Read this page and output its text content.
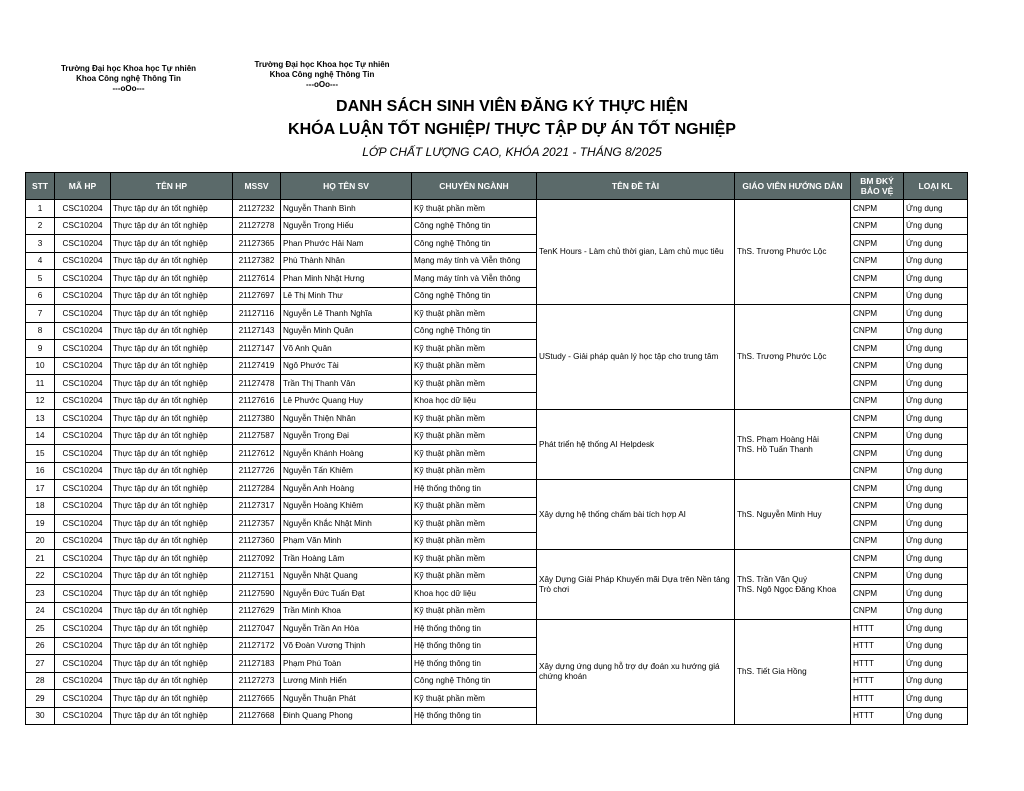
Trường Đại học Khoa học Tự nhiên
Khoa Công nghệ Thông Tin
---oOo---
Trường Đại học Khoa học Tự nhiên
Khoa Công nghệ Thông Tin
---oOo---
DANH SÁCH SINH VIÊN ĐĂNG KÝ THỰC HIỆN
KHÓA LUẬN TỐT NGHIỆP/ THỰC TẬP DỰ ÁN TỐT NGHIỆP
LỚP CHẤT LƯỢNG CAO, KHÓA 2021 - THÁNG 8/2025
STT	MÃ HP	TÊN HP	MSSV	HỌ TÊN SV	CHUYÊN NGÀNH	TÊN ĐỀ TÀI	GIÁO VIÊN HƯỚNG DẪN	BM ĐKÝ BẢO VỆ	LOẠI KL
1	CSC10204	Thực tập dự án tốt nghiệp	21127232	Nguyễn Thanh Bình	Kỹ thuật phần mềm	TenK Hours - Làm chủ thời gian, Làm chủ mục tiêu	ThS. Trương Phước Lộc	CNPM	Ứng dụng
2	CSC10204	Thực tập dự án tốt nghiệp	21127278	Nguyễn Trọng Hiếu	Công nghệ Thông tin			CNPM	Ứng dụng
3	CSC10204	Thực tập dự án tốt nghiệp	21127365	Phan Phước Hải Nam	Công nghệ Thông tin			CNPM	Ứng dụng
4	CSC10204	Thực tập dự án tốt nghiệp	21127382	Phù Thành Nhân	Mạng máy tính và Viễn thông			CNPM	Ứng dụng
5	CSC10204	Thực tập dự án tốt nghiệp	21127614	Phan Minh Nhật Hưng	Mạng máy tính và Viễn thông			CNPM	Ứng dụng
6	CSC10204	Thực tập dự án tốt nghiệp	21127697	Lê Thị Minh Thư	Công nghệ Thông tin			CNPM	Ứng dụng
7	CSC10204	Thực tập dự án tốt nghiệp	21127116	Nguyễn Lê Thanh Nghĩa	Kỹ thuật phần mềm	UStudy - Giải pháp quản lý học tập cho trung tâm	ThS. Trương Phước Lộc	CNPM	Ứng dụng
8	CSC10204	Thực tập dự án tốt nghiệp	21127143	Nguyễn Minh Quân	Công nghệ Thông tin			CNPM	Ứng dụng
9	CSC10204	Thực tập dự án tốt nghiệp	21127147	Võ Anh Quân	Kỹ thuật phần mềm			CNPM	Ứng dụng
10	CSC10204	Thực tập dự án tốt nghiệp	21127419	Ngô Phước Tài	Kỹ thuật phần mềm			CNPM	Ứng dụng
11	CSC10204	Thực tập dự án tốt nghiệp	21127478	Trần Thị Thanh Vân	Kỹ thuật phần mềm			CNPM	Ứng dụng
12	CSC10204	Thực tập dự án tốt nghiệp	21127616	Lê Phước Quang Huy	Khoa học dữ liệu			CNPM	Ứng dụng
13	CSC10204	Thực tập dự án tốt nghiệp	21127380	Nguyễn Thiện Nhân	Kỹ thuật phần mềm	Phát triển hệ thống AI Helpdesk	ThS. Phạm Hoàng Hải
ThS. Hồ Tuấn Thanh	CNPM	Ứng dụng
14	CSC10204	Thực tập dự án tốt nghiệp	21127587	Nguyễn Trọng Đại	Kỹ thuật phần mềm			CNPM	Ứng dụng
15	CSC10204	Thực tập dự án tốt nghiệp	21127612	Nguyễn Khánh Hoàng	Kỹ thuật phần mềm			CNPM	Ứng dụng
16	CSC10204	Thực tập dự án tốt nghiệp	21127726	Nguyễn Tấn Khiêm	Kỹ thuật phần mềm			CNPM	Ứng dụng
17	CSC10204	Thực tập dự án tốt nghiệp	21127284	Nguyễn Anh Hoàng	Hệ thống thông tin	Xây dựng hệ thống chấm bài tích hợp AI	ThS. Nguyễn Minh Huy	CNPM	Ứng dụng
18	CSC10204	Thực tập dự án tốt nghiệp	21127317	Nguyễn Hoàng Khiêm	Kỹ thuật phần mềm			CNPM	Ứng dụng
19	CSC10204	Thực tập dự án tốt nghiệp	21127357	Nguyễn Khắc Nhật Minh	Kỹ thuật phần mềm			CNPM	Ứng dụng
20	CSC10204	Thực tập dự án tốt nghiệp	21127360	Phạm Văn Minh	Kỹ thuật phần mềm			CNPM	Ứng dụng
21	CSC10204	Thực tập dự án tốt nghiệp	21127092	Trần Hoàng Lâm	Kỹ thuật phần mềm	Xây Dựng Giải Pháp Khuyến mãi Dựa trên Nền tảng Trò chơi	ThS. Trần Văn Quý
ThS. Ngô Ngọc Đăng Khoa	CNPM	Ứng dụng
22	CSC10204	Thực tập dự án tốt nghiệp	21127151	Nguyễn Nhật Quang	Kỹ thuật phần mềm			CNPM	Ứng dụng
23	CSC10204	Thực tập dự án tốt nghiệp	21127590	Nguyễn Đức Tuấn Đạt	Khoa học dữ liệu			CNPM	Ứng dụng
24	CSC10204	Thực tập dự án tốt nghiệp	21127629	Trần Minh Khoa	Kỹ thuật phần mềm			CNPM	Ứng dụng
25	CSC10204	Thực tập dự án tốt nghiệp	21127047	Nguyễn Trần An Hòa	Hệ thống thông tin	Xây dựng ứng dụng hỗ trợ dự đoán xu hướng giá chứng khoán	ThS. Tiết Gia Hồng	HTTT	Ứng dụng
26	CSC10204	Thực tập dự án tốt nghiệp	21127172	Võ Đoàn Vương Thịnh	Hệ thống thông tin			HTTT	Ứng dụng
27	CSC10204	Thực tập dự án tốt nghiệp	21127183	Phạm Phú Toàn	Hệ thống thông tin			HTTT	Ứng dụng
28	CSC10204	Thực tập dự án tốt nghiệp	21127273	Lương Minh Hiển	Công nghệ Thông tin			HTTT	Ứng dụng
29	CSC10204	Thực tập dự án tốt nghiệp	21127665	Nguyễn Thuận Phát	Kỹ thuật phần mềm			HTTT	Ứng dụng
30	CSC10204	Thực tập dự án tốt nghiệp	21127668	Đinh Quang Phong	Hệ thống thông tin			HTTT	Ứng dụng
